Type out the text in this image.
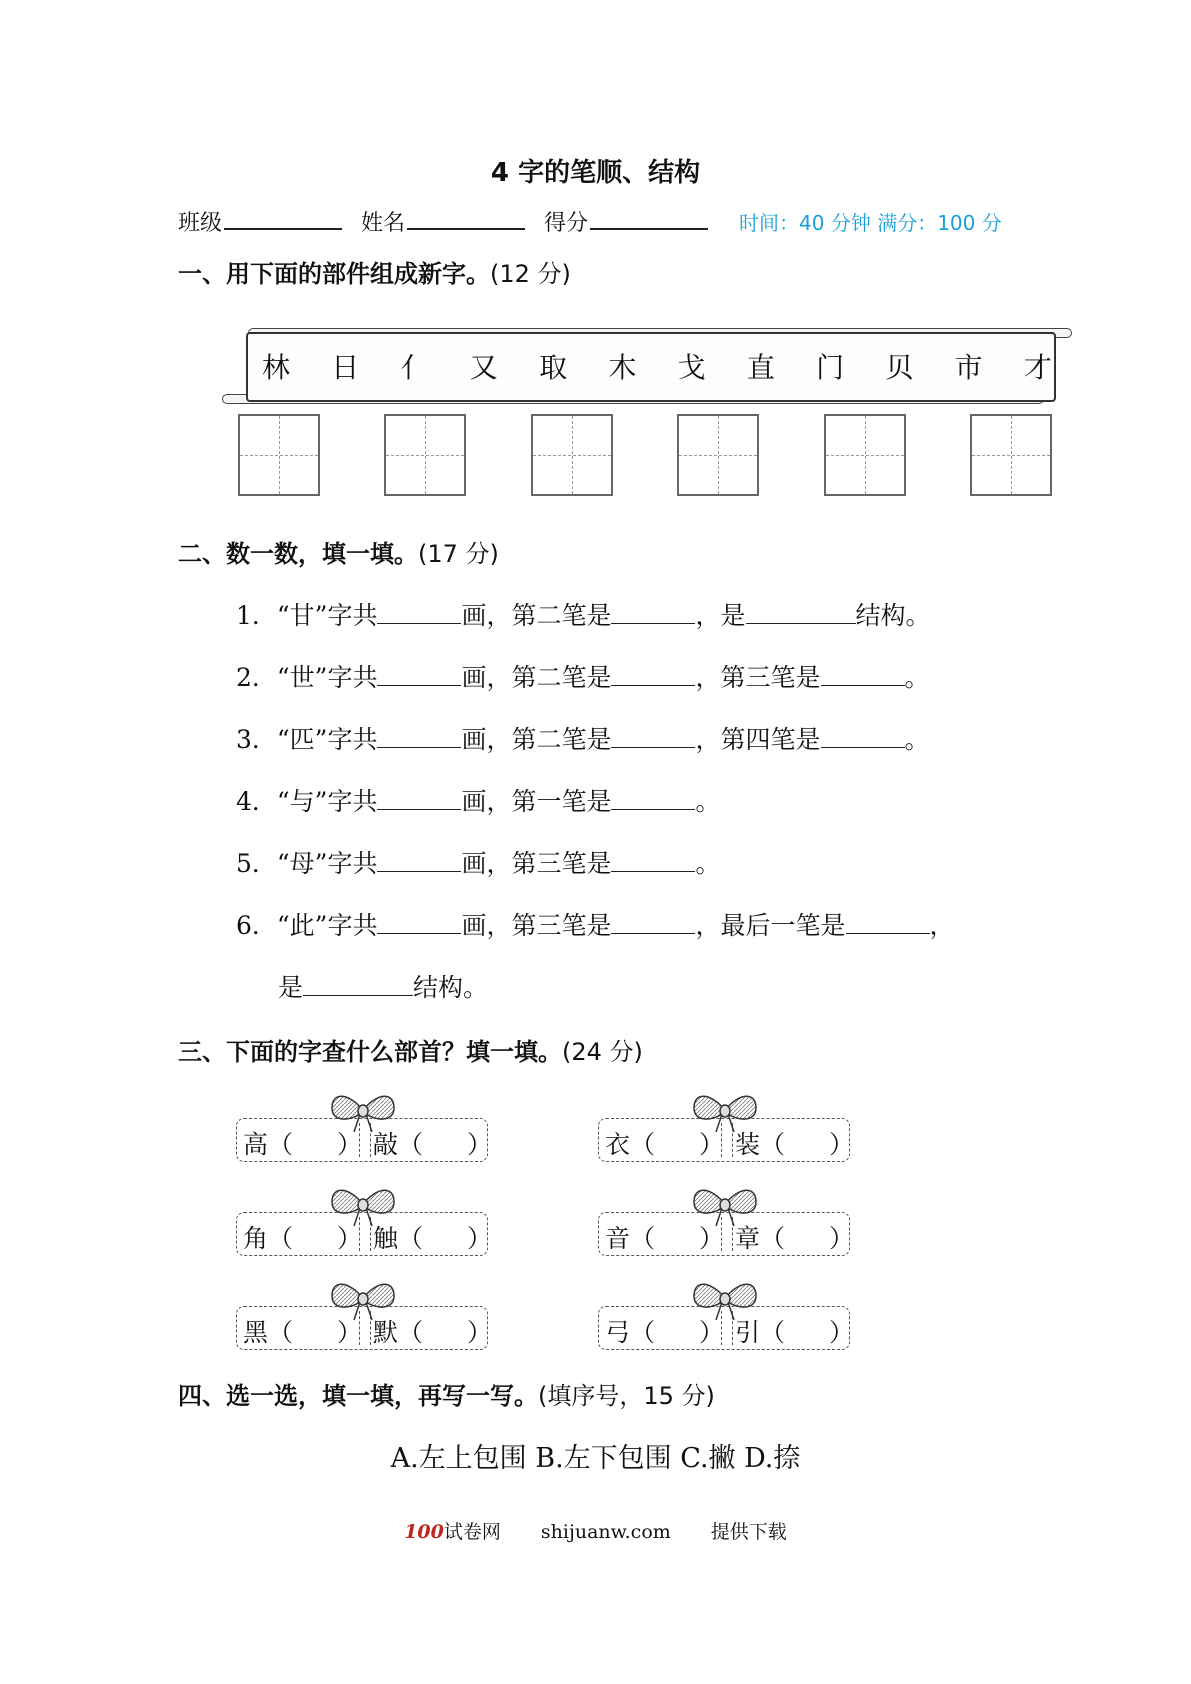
4 字的笔顺、结构
班级	姓名	得分	时间：40 分钟 满分：100 分
一、用下面的部件组成新字。(12 分)
林 日 亻 又 取 木 戈 直 门 贝 市 才
二、数一数，填一填。(17 分)
1．“甘”字共	画，第二笔是	，是	结构。
2．“世”字共	画，第二笔是	，第三笔是	。
3．“匹”字共	画，第二笔是	，第四笔是	。
4．“与”字共	画，第一笔是	。
5．“母”字共	画，第三笔是	。
6．“此”字共	画，第三笔是	，最后一笔是	，
是	结构。
三、下面的字查什么部首？填一填。(24 分)
高（ ） 敲（ ）	衣（ ） 装（ ）
角（ ） 触（ ）	音（ ） 章（ ）
黑（ ） 默（ ）	弓（ ） 引（ ）
四、选一选，填一填，再写一写。(填序号，15 分)
A.左上包围 B.左下包围 C.撇 D.捺
100试卷网 shijuanw.com 提供下载
